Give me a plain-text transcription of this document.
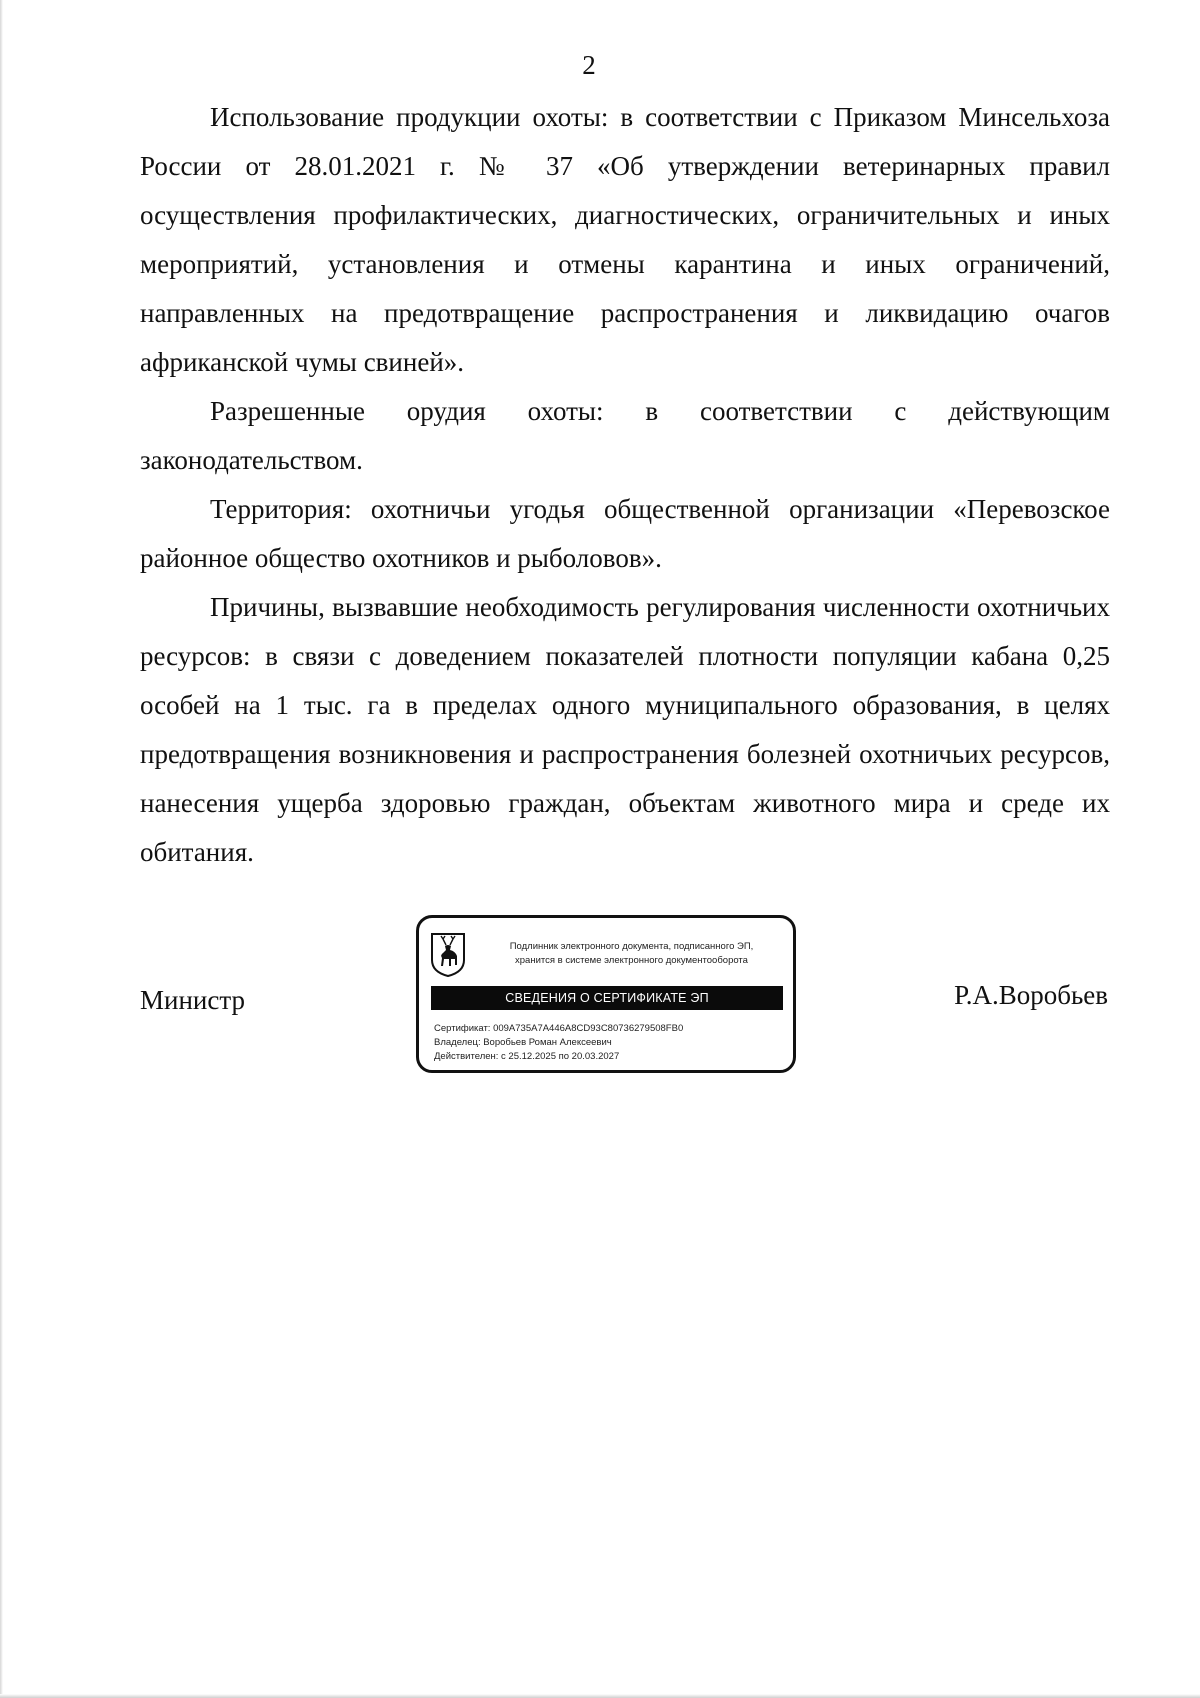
2

Использование продукции охоты: в соответствии с Приказом Минсельхоза России от 28.01.2021 г. № 37 «Об утверждении ветеринарных правил осуществления профилактических, диагностических, ограничительных и иных мероприятий, установления и отмены карантина и иных ограничений, направленных на предотвращение распространения и ликвидацию очагов африканской чумы свиней».

Разрешенные орудия охоты: в соответствии с действующим законодательством.

Территория: охотничьи угодья общественной организации «Перевозское районное общество охотников и рыболовов».

Причины, вызвавшие необходимость регулирования численности охотничьих ресурсов: в связи с доведением показателей плотности популяции кабана 0,25 особей на 1 тыс. га в пределах одного муниципального образования, в целях предотвращения возникновения и распространения болезней охотничьих ресурсов, нанесения ущерба здоровью граждан, объектам животного мира и среде их обитания.

Министр
Подлинник электронного документа, подписанного ЭП,
хранится в системе электронного документооборота
СВЕДЕНИЯ О СЕРТИФИКАТЕ ЭП
Сертификат: 009A735A7A446A8CD93C80736279508FB0
Владелец: Воробьев Роман Алексеевич
Действителен: с 25.12.2025 по 20.03.2027
Р.А.Воробьев
